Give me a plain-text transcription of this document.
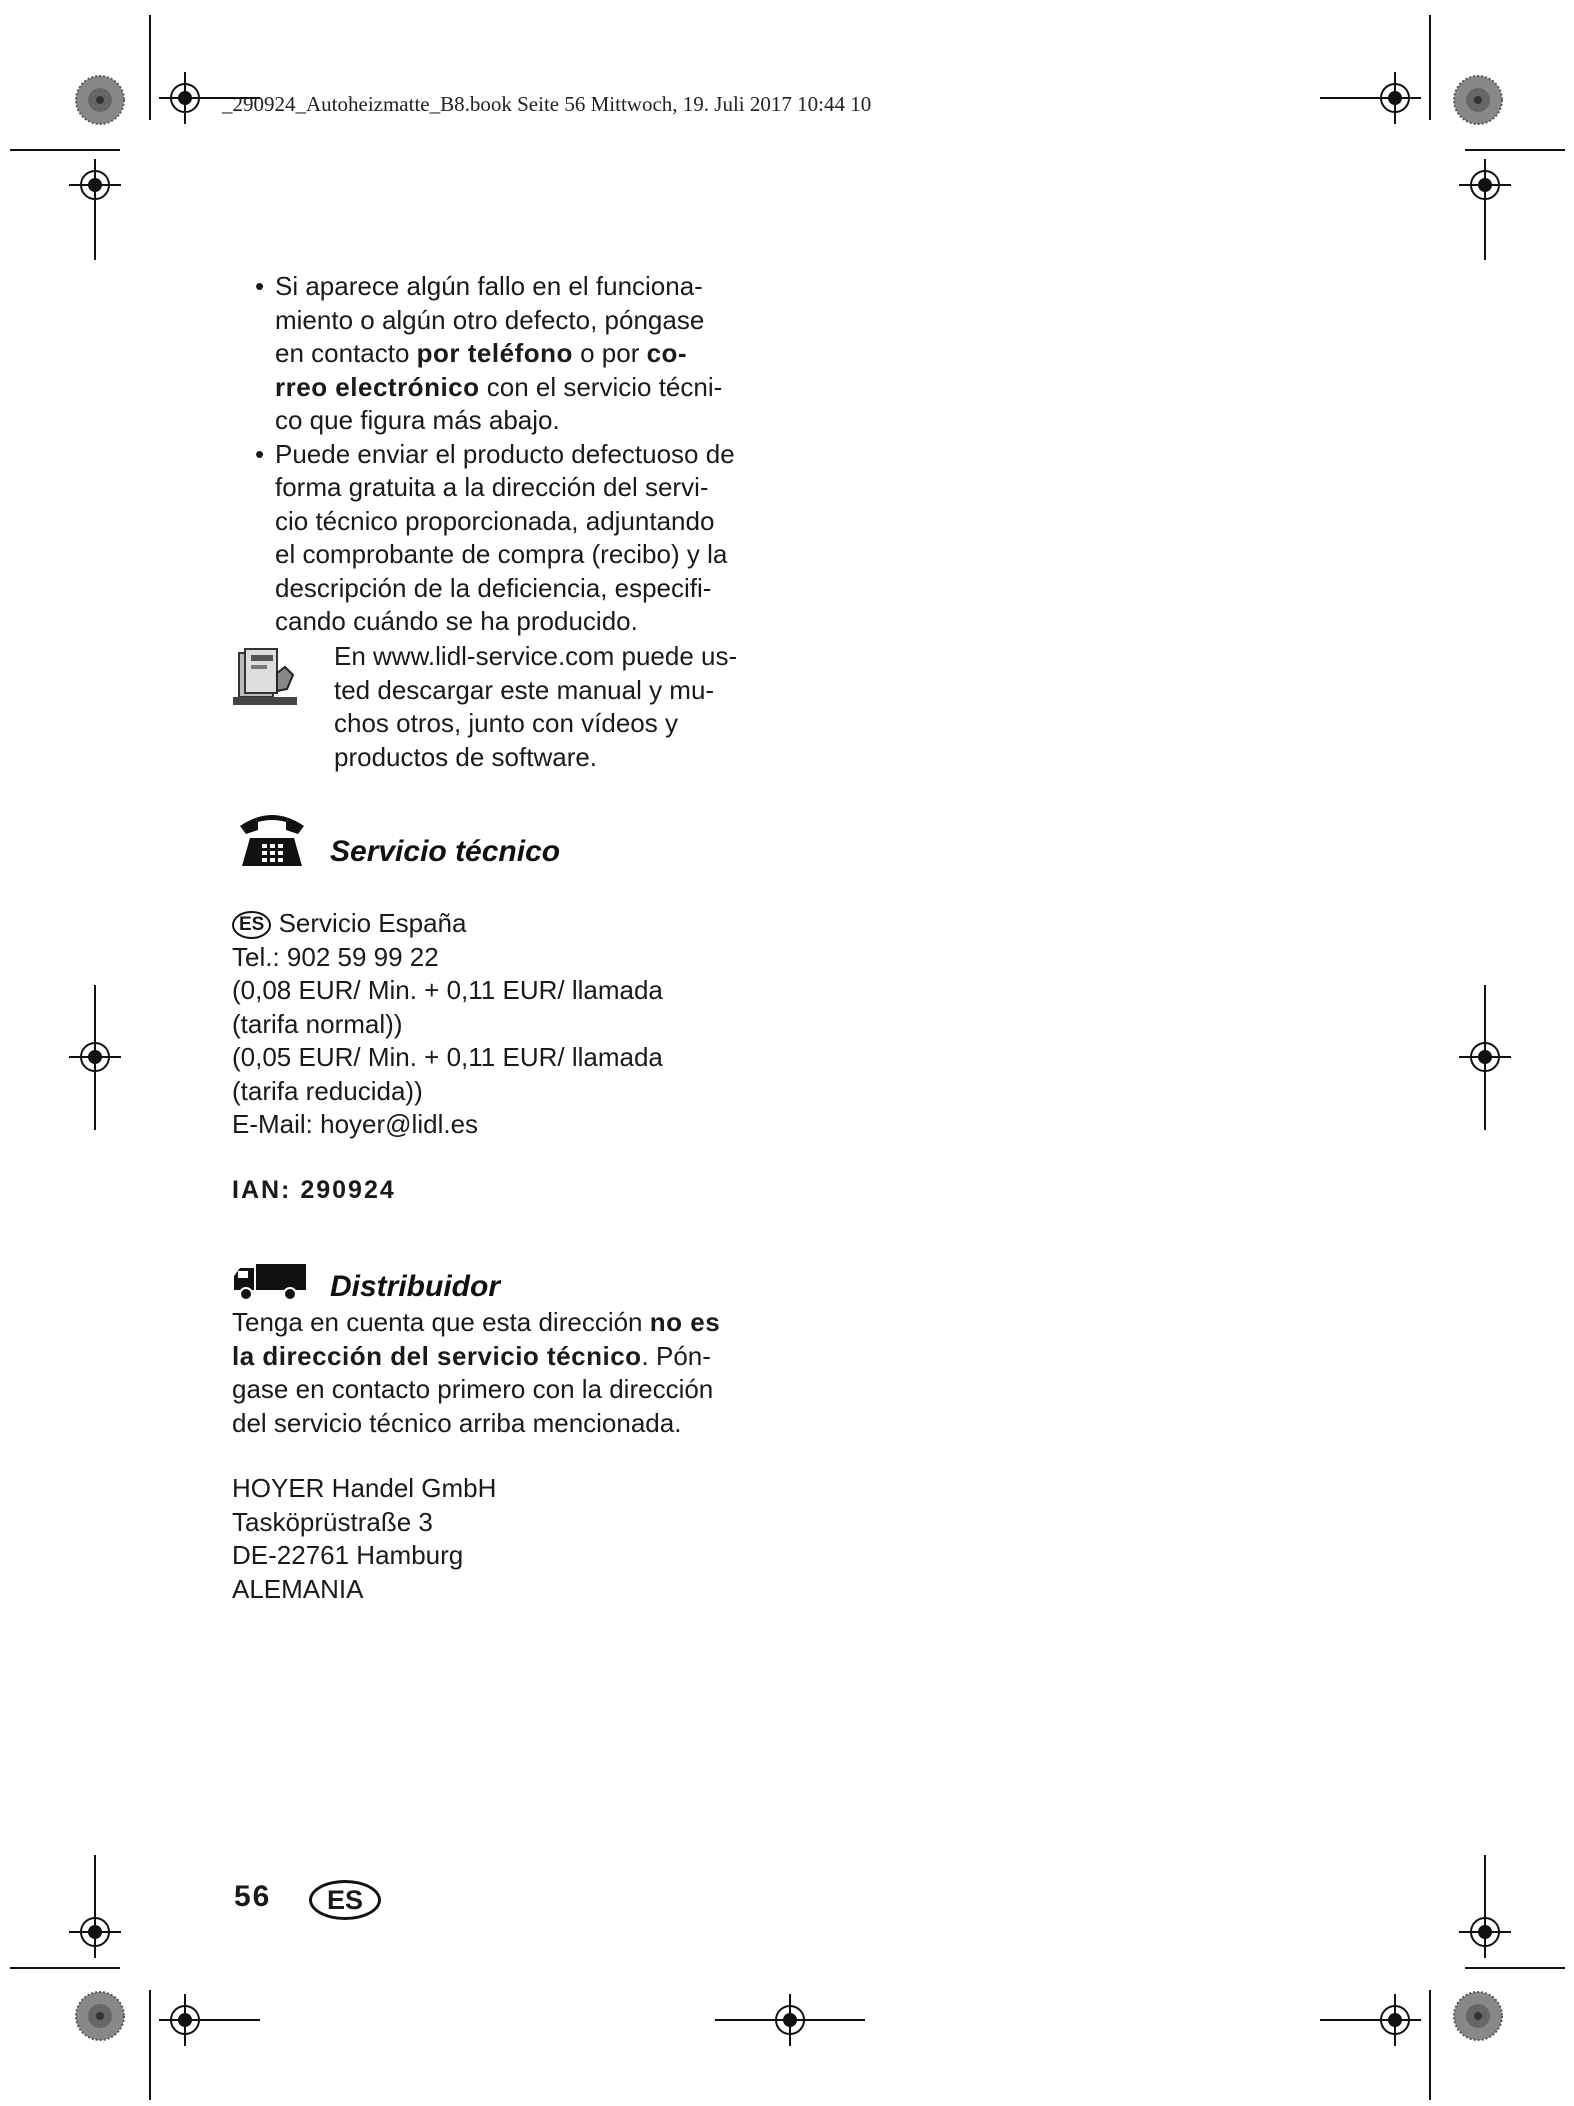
_290924_Autoheizmatte_B8.book Seite 56 Mittwoch, 19. Juli 2017 10:44 10

• Si aparece algún fallo en el funciona-
miento o algún otro defecto, póngase
en contacto por teléfono o por co-
rreo electrónico con el servicio técni-
co que figura más abajo.

• Puede enviar el producto defectuoso de
forma gratuita a la dirección del servi-
cio técnico proporcionada, adjuntando
el comprobante de compra (recibo) y la
descripción de la deficiencia, especifi-
cando cuándo se ha producido.

En www.lidl-service.com puede us-
ted descargar este manual y mu-
chos otros, junto con vídeos y
productos de software.
Servicio técnico
ES Servicio España
Tel.: 902 59 99 22
(0,08 EUR/ Min. + 0,11 EUR/ llamada
(tarifa normal))
(0,05 EUR/ Min. + 0,11 EUR/ llamada
(tarifa reducida))
E-Mail: hoyer@lidl.es
IAN: 290924
Distribuidor
Tenga en cuenta que esta dirección no es
la dirección del servicio técnico. Pón-
gase en contacto primero con la dirección
del servicio técnico arriba mencionada.
HOYER Handel GmbH
Tasköprüstraße 3
DE-22761 Hamburg
ALEMANIA
56	ES
